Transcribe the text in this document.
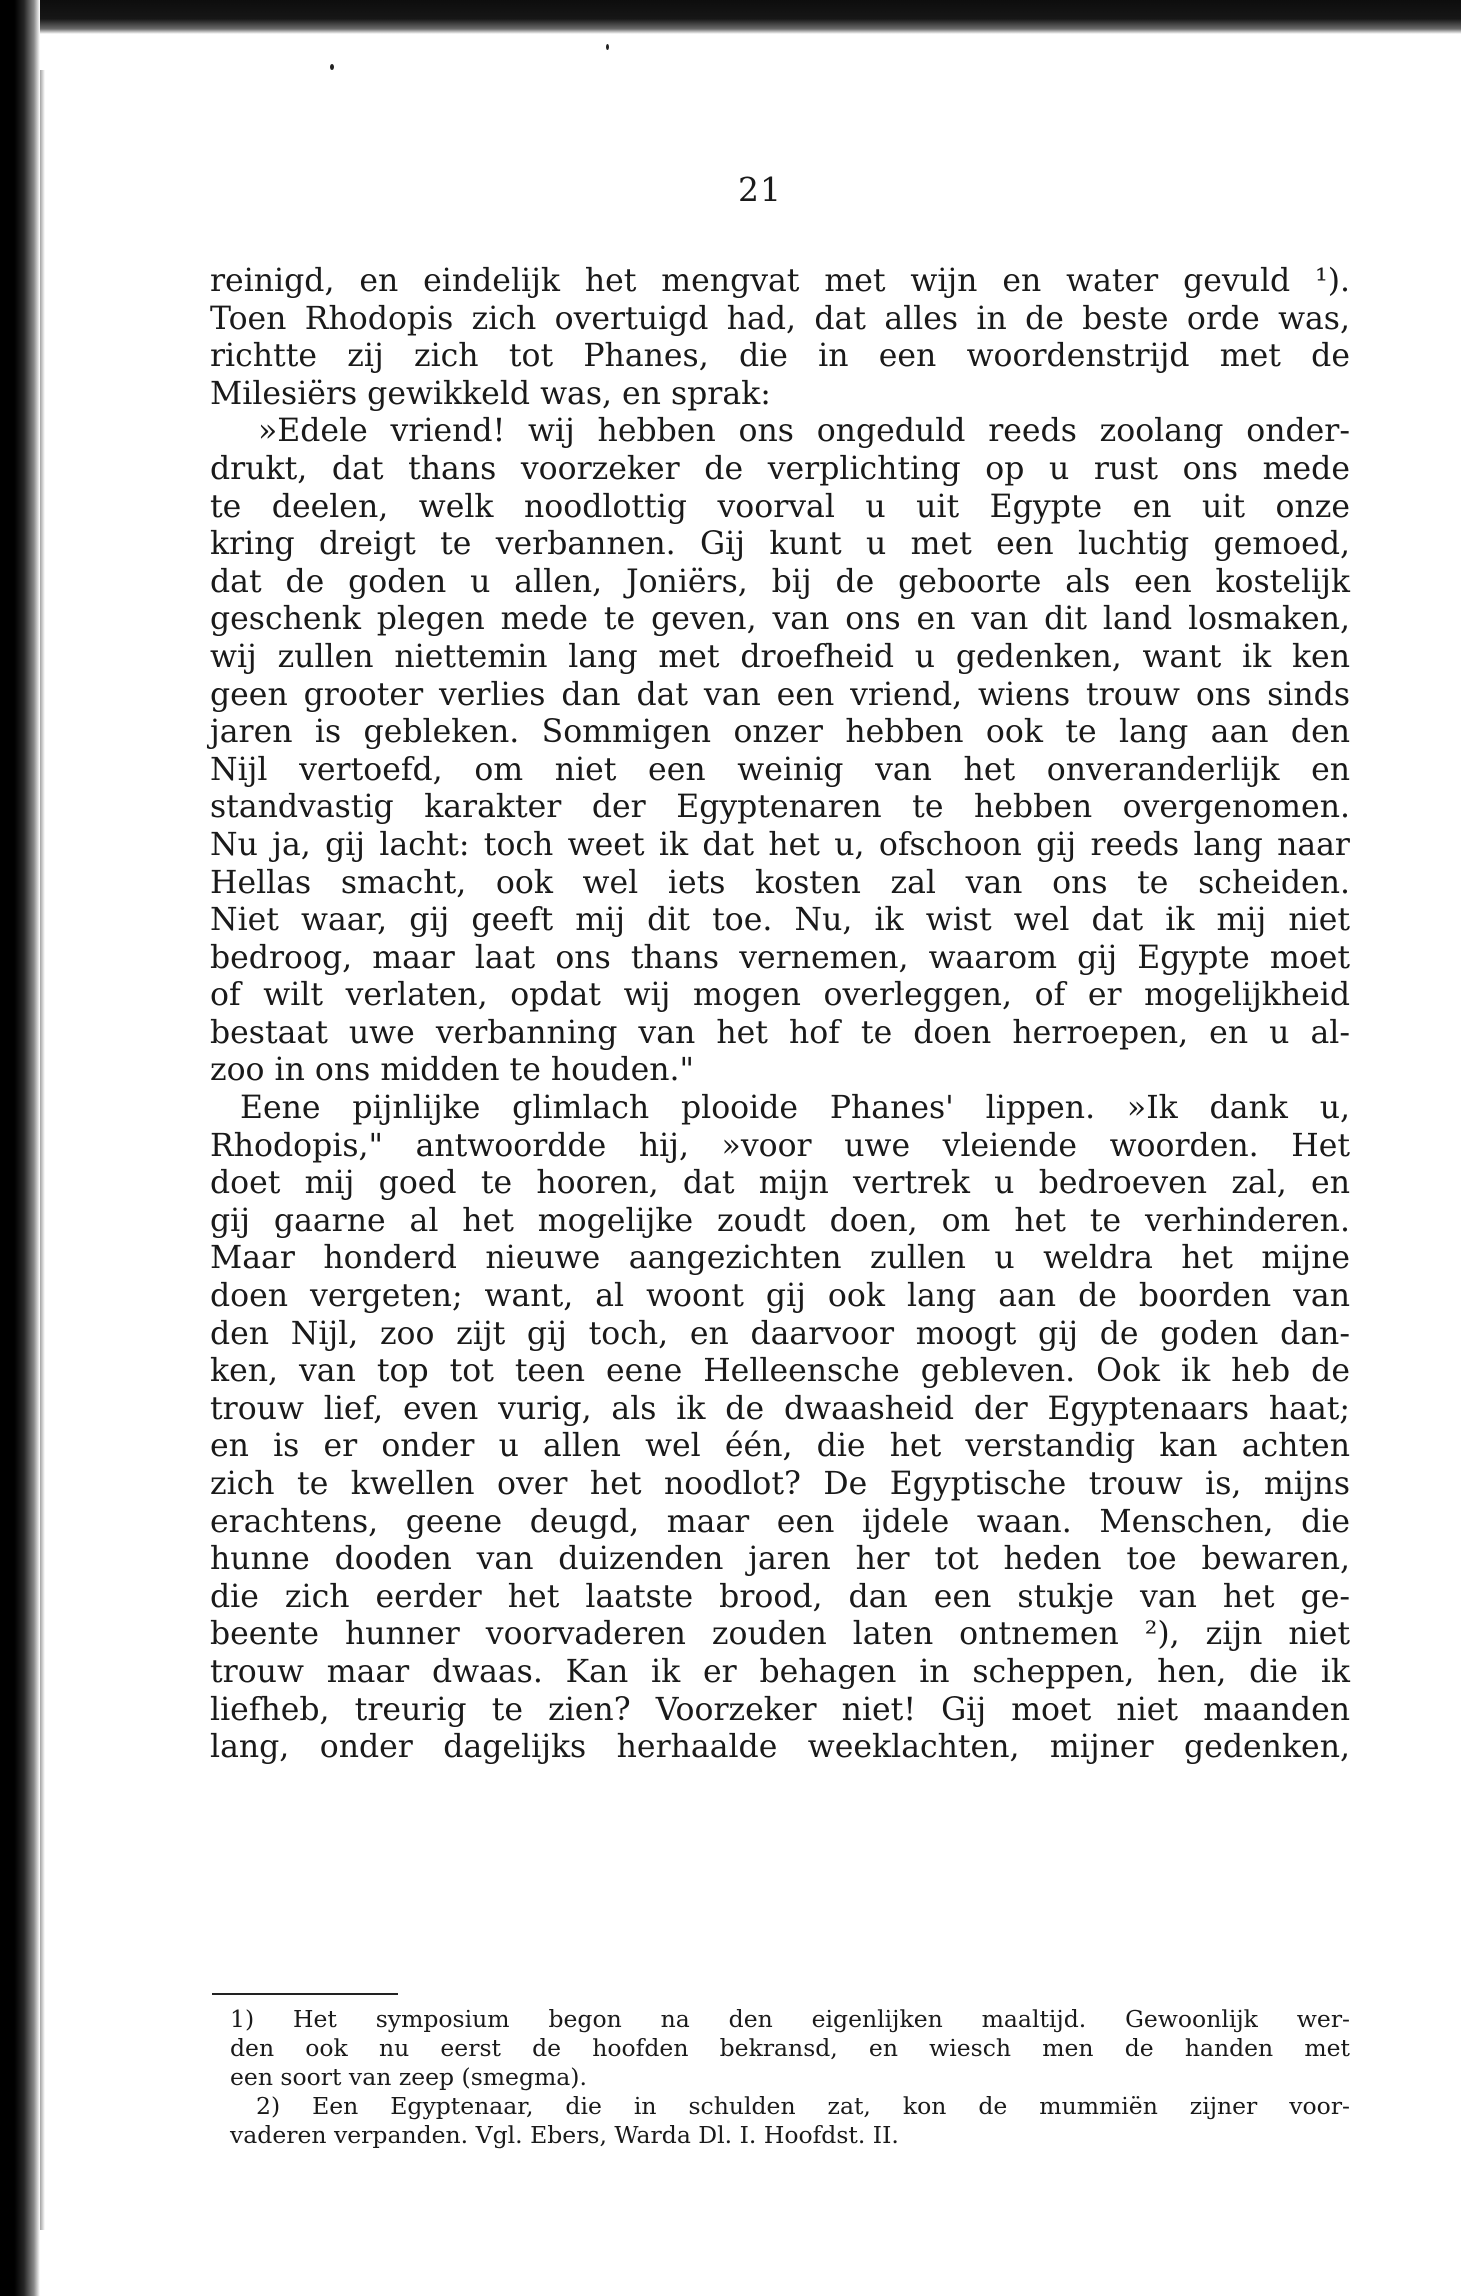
21
reinigd, en eindelijk het mengvat met wijn en water gevuld ¹).
Toen Rhodopis zich overtuigd had, dat alles in de beste orde was,
richtte zij zich tot Phanes, die in een woordenstrijd met de
Milesiërs gewikkeld was, en sprak:
»Edele vriend! wij hebben ons ongeduld reeds zoolang onder-
drukt, dat thans voorzeker de verplichting op u rust ons mede
te deelen, welk noodlottig voorval u uit Egypte en uit onze
kring dreigt te verbannen. Gij kunt u met een luchtig gemoed,
dat de goden u allen, Joniërs, bij de geboorte als een kostelijk
geschenk plegen mede te geven, van ons en van dit land losmaken,
wij zullen niettemin lang met droefheid u gedenken, want ik ken
geen grooter verlies dan dat van een vriend, wiens trouw ons sinds
jaren is gebleken. Sommigen onzer hebben ook te lang aan den
Nijl vertoefd, om niet een weinig van het onveranderlijk en
standvastig karakter der Egyptenaren te hebben overgenomen.
Nu ja, gij lacht: toch weet ik dat het u, ofschoon gij reeds lang naar
Hellas smacht, ook wel iets kosten zal van ons te scheiden.
Niet waar, gij geeft mij dit toe. Nu, ik wist wel dat ik mij niet
bedroog, maar laat ons thans vernemen, waarom gij Egypte moet
of wilt verlaten, opdat wij mogen overleggen, of er mogelijkheid
bestaat uwe verbanning van het hof te doen herroepen, en u al-
zoo in ons midden te houden."
Eene pijnlijke glimlach plooide Phanes' lippen. »Ik dank u,
Rhodopis," antwoordde hij, »voor uwe vleiende woorden. Het
doet mij goed te hooren, dat mijn vertrek u bedroeven zal, en
gij gaarne al het mogelijke zoudt doen, om het te verhinderen.
Maar honderd nieuwe aangezichten zullen u weldra het mijne
doen vergeten; want, al woont gij ook lang aan de boorden van
den Nijl, zoo zijt gij toch, en daarvoor moogt gij de goden dan-
ken, van top tot teen eene Helleensche gebleven. Ook ik heb de
trouw lief, even vurig, als ik de dwaasheid der Egyptenaars haat;
en is er onder u allen wel één, die het verstandig kan achten
zich te kwellen over het noodlot? De Egyptische trouw is, mijns
erachtens, geene deugd, maar een ijdele waan. Menschen, die
hunne dooden van duizenden jaren her tot heden toe bewaren,
die zich eerder het laatste brood, dan een stukje van het ge-
beente hunner voorvaderen zouden laten ontnemen ²), zijn niet
trouw maar dwaas. Kan ik er behagen in scheppen, hen, die ik
liefheb, treurig te zien? Voorzeker niet! Gij moet niet maanden
lang, onder dagelijks herhaalde weeklachten, mijner gedenken,
1) Het symposium begon na den eigenlijken maaltijd. Gewoonlijk wer-
den ook nu eerst de hoofden bekransd, en wiesch men de handen met
een soort van zeep (smegma).
2) Een Egyptenaar, die in schulden zat, kon de mummiën zijner voor-
vaderen verpanden. Vgl. Ebers, Warda Dl. I. Hoofdst. II.
